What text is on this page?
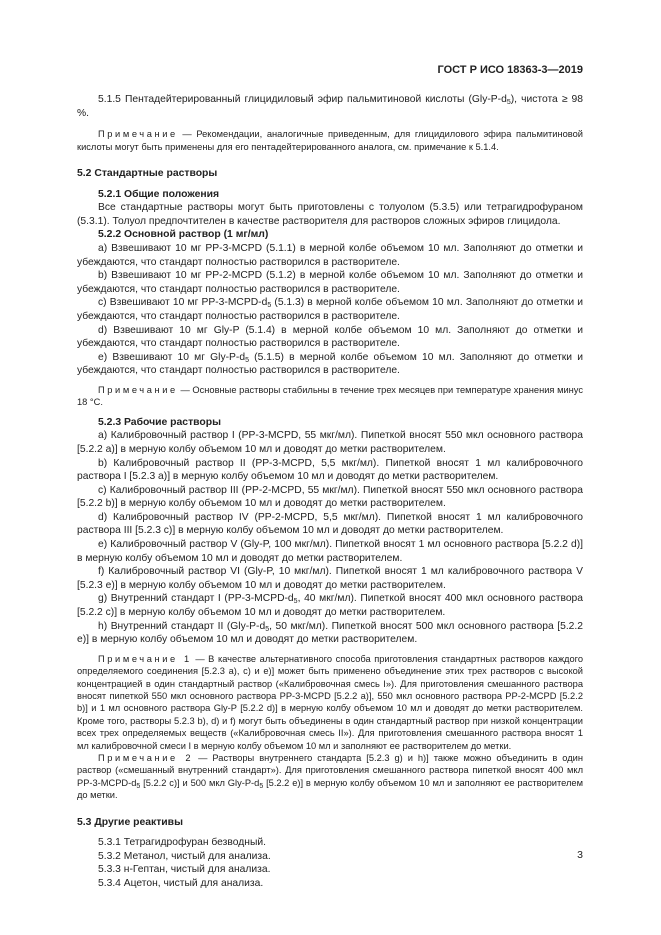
ГОСТ Р ИСО 18363-3—2019

5.1.5 Пентадейтерированный глицидиловый эфир пальмитиновой кислоты $(Gly-P-d_5)$, чистота ≥ 98 %.

Примечание — Рекомендации, аналогичные приведенным, для глицидилового эфира пальмитиновой кислоты могут быть применены для его пентадейтерированного аналога, см. примечание к 5.1.4.

5.2 Стандартные растворы
5.2.1 Общие положения

Все стандартные растворы могут быть приготовлены с толуолом (5.3.5) или тетрагидрофураном (5.3.1). Толуол предпочтителен в качестве растворителя для растворов сложных эфиров глицидола.

5.2.2 Основной раствор (1 мг/мл)

а) Взвешивают 10 мг PP-3-MCPD (5.1.1) в мерной колбе объемом 10 мл. Заполняют до отметки и убеждаются, что стандарт полностью растворился в растворителе.

b) Взвешивают 10 мг PP-2-MCPD (5.1.2) в мерной колбе объемом 10 мл. Заполняют до отметки и убеждаются, что стандарт полностью растворился в растворителе.

с) Взвешивают 10 мг $PP-3-MCPD-d_5$ (5.1.3) в мерной колбе объемом 10 мл. Заполняют до отметки и убеждаются, что стандарт полностью растворился в растворителе.

d) Взвешивают 10 мг Gly-P (5.1.4) в мерной колбе объемом 10 мл. Заполняют до отметки и убеждаются, что стандарт полностью растворился в растворителе.

е) Взвешивают 10 мг Gly-$P-d_5$ (5.1.5) в мерной колбе объемом 10 мл. Заполняют до отметки и убеждаются, что стандарт полностью растворился в растворителе.

Примечание — Основные растворы стабильны в течение трех месяцев при температуре хранения минус 18 °С.

5.2.3 Рабочие растворы

а) Калибровочный раствор I (PP-3-MCPD, 55 мкг/мл). Пипеткой вносят 550 мкл основного раствора [5.2.2 а)] в мерную колбу объемом 10 мл и доводят до метки растворителем.

b) Калибровочный раствор II (PP-3-MCPD, 5,5 мкг/мл). Пипеткой вносят 1 мл калибровочного раствора I [5.2.3 а)] в мерную колбу объемом 10 мл и доводят до метки растворителем.

с) Калибровочный раствор III (PP-2-MCPD, 55 мкг/мл). Пипеткой вносят 550 мкл основного раствора [5.2.2 b)] в мерную колбу объемом 10 мл и доводят до метки растворителем.

d) Калибровочный раствор IV (PP-2-MCPD, 5,5 мкг/мл). Пипеткой вносят 1 мл калибровочного раствора III [5.2.3 с)] в мерную колбу объемом 10 мл и доводят до метки растворителем.

е) Калибровочный раствор V (Gly-P, 100 мкг/мл). Пипеткой вносят 1 мл основного раствора [5.2.2 d)] в мерную колбу объемом 10 мл и доводят до метки растворителем.

f) Калибровочный раствор VI (Gly-P, 10 мкг/мл). Пипеткой вносят 1 мл калибровочного раствора V [5.2.3 е)] в мерную колбу объемом 10 мл и доводят до метки растворителем.

g) Внутренний стандарт I ($PP-3-MCPD-d_5$, 40 мкг/мл). Пипеткой вносят 400 мкл основного раствора [5.2.2 с)] в мерную колбу объемом 10 мл и доводят до метки растворителем.

h) Внутренний стандарт II ($Gly-P-d_5$, 50 мкг/мл). Пипеткой вносят 500 мкл основного раствора [5.2.2 е)] в мерную колбу объемом 10 мл и доводят до метки растворителем.

Примечание 1 — В качестве альтернативного способа приготовления стандартных растворов каждого определяемого соединения [5.2.3 а), с) и е)] может быть применено объединение этих трех растворов с высокой концентрацией в один стандартный раствор («Калибровочная смесь I»). Для приготовления смешанного раствора вносят пипеткой 550 мкл основного раствора PP-3-MCPD [5.2.2 а)], 550 мкл основного раствора PP-2-MCPD [5.2.2 b)] и 1 мл основного раствора Gly-P [5.2.2 d)] в мерную колбу объемом 10 мл и доводят до метки растворителем. Кроме того, растворы 5.2.3 b), d) и f) могут быть объединены в один стандартный раствор при низкой концентрации всех трех определяемых веществ («Калибровочная смесь II»). Для приготовления смешанного раствора вносят 1 мл калибровочной смеси I в мерную колбу объемом 10 мл и заполняют ее растворителем до метки.

Примечание 2 — Растворы внутреннего стандарта [5.2.3 g) и h)] также можно объединить в один раствор («смешанный внутренний стандарт»). Для приготовления смешанного раствора пипеткой вносят 400 мкл $PP-3-MCPD-d_5$ [5.2.2 с)] и 500 мкл Gly-$P-d_5$ [5.2.2 е)] в мерную колбу объемом 10 мл и заполняют ее растворителем до метки.

5.3 Другие реактивы

5.3.1 Тетрагидрофуран безводный.

5.3.2 Метанол, чистый для анализа.

5.3.3 н-Гептан, чистый для анализа.

5.3.4 Ацетон, чистый для анализа.

3
